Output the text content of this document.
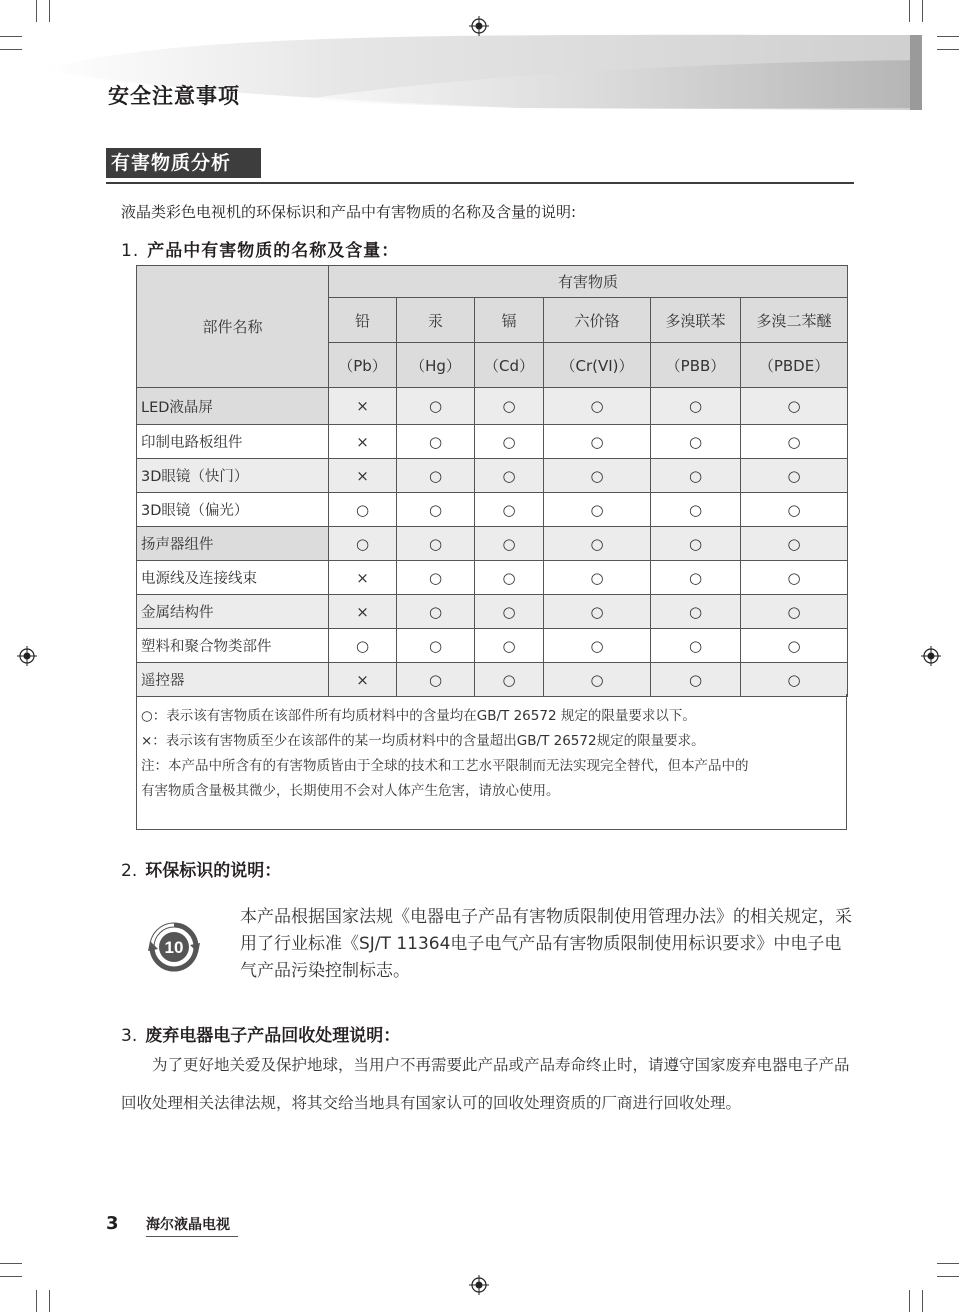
安全注意事项
有害物质分析
液晶类彩色电视机的环保标识和产品中有害物质的名称及含量的说明:
1. 产品中有害物质的名称及含量：
部件名称	有害物质					
	铅	汞	镉	六价铬	多溴联苯	多溴二苯醚
	（Pb）	（Hg）	（Cd）	（Cr(VI)）	（PBB）	（PBDE）
LED液晶屏	×	○	○	○	○	○
印制电路板组件	×	○	○	○	○	○
3D眼镜（快门）	×	○	○	○	○	○
3D眼镜（偏光）	○	○	○	○	○	○
扬声器组件	○	○	○	○	○	○
电源线及连接线束	×	○	○	○	○	○
金属结构件	×	○	○	○	○	○
塑料和聚合物类部件	○	○	○	○	○	○
遥控器	×	○	○	○	○	○
○：表示该有害物质在该部件所有均质材料中的含量均在GB/T 26572 规定的限量要求以下。
×：表示该有害物质至少在该部件的某一均质材料中的含量超出GB/T 26572规定的限量要求。
注：本产品中所含有的有害物质皆由于全球的技术和工艺水平限制而无法实现完全替代，但本产品中的
有害物质含量极其微少，长期使用不会对人体产生危害，请放心使用。
2. 环保标识的说明：
10
本产品根据国家法规《电器电子产品有害物质限制使用管理办法》的相关规定，采用了行业标准《SJ/T 11364电子电气产品有害物质限制使用标识要求》中电子电气产品污染控制标志。
3. 废弃电器电子产品回收处理说明：
为了更好地关爱及保护地球，当用户不再需要此产品或产品寿命终止时，请遵守国家废弃电器电子产品回收处理相关法律法规，将其交给当地具有国家认可的回收处理资质的厂商进行回收处理。
3 海尔液晶电视
